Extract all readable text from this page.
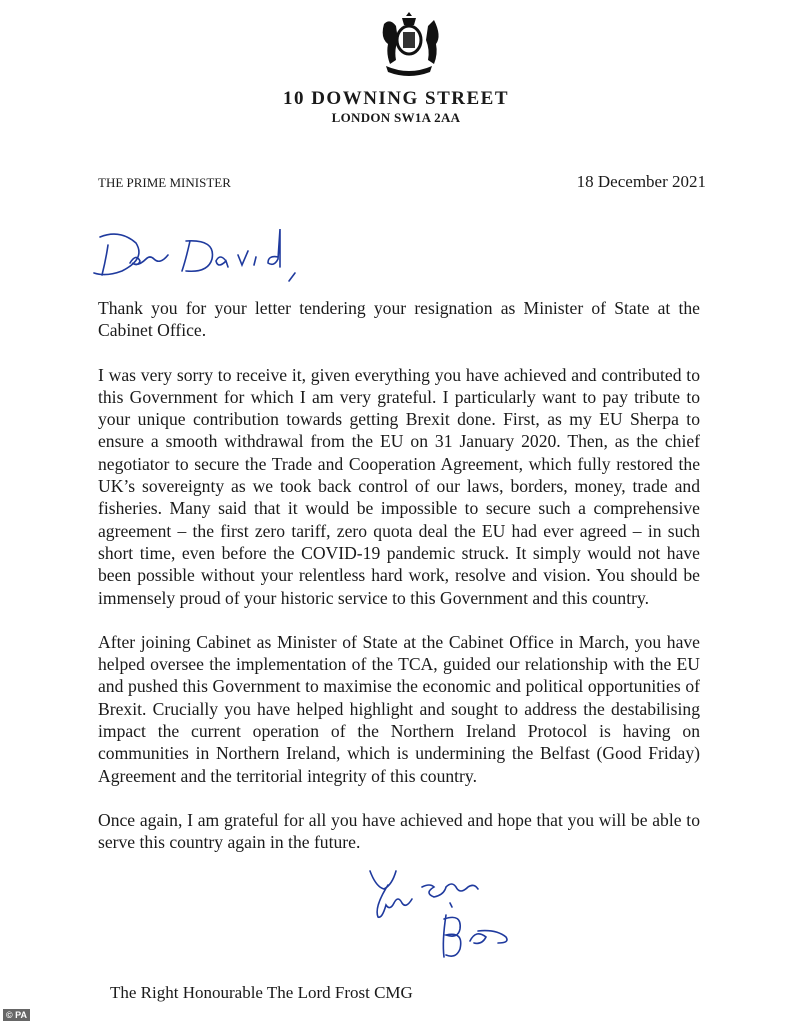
10 DOWNING STREET
LONDON SW1A 2AA
THE PRIME MINISTER	18 December 2021

Thank you for your letter tendering your resignation as Minister of State at the Cabinet Office.

I was very sorry to receive it, given everything you have achieved and contributed to this Government for which I am very grateful. I particularly want to pay tribute to your unique contribution towards getting Brexit done. First, as my EU Sherpa to ensure a smooth withdrawal from the EU on 31 January 2020. Then, as the chief negotiator to secure the Trade and Cooperation Agreement, which fully restored the UK’s sovereignty as we took back control of our laws, borders, money, trade and fisheries. Many said that it would be impossible to secure such a comprehensive agreement – the first zero tariff, zero quota deal the EU had ever agreed – in such short time, even before the COVID-19 pandemic struck. It simply would not have been possible without your relentless hard work, resolve and vision. You should be immensely proud of your historic service to this Government and this country.

After joining Cabinet as Minister of State at the Cabinet Office in March, you have helped oversee the implementation of the TCA, guided our relationship with the EU and pushed this Government to maximise the economic and political opportunities of Brexit. Crucially you have helped highlight and sought to address the destabilising impact the current operation of the Northern Ireland Protocol is having on communities in Northern Ireland, which is undermining the Belfast (Good Friday) Agreement and the territorial integrity of this country.

Once again, I am grateful for all you have achieved and hope that you will be able to serve this country again in the future.

The Right Honourable The Lord Frost CMG
© PA
